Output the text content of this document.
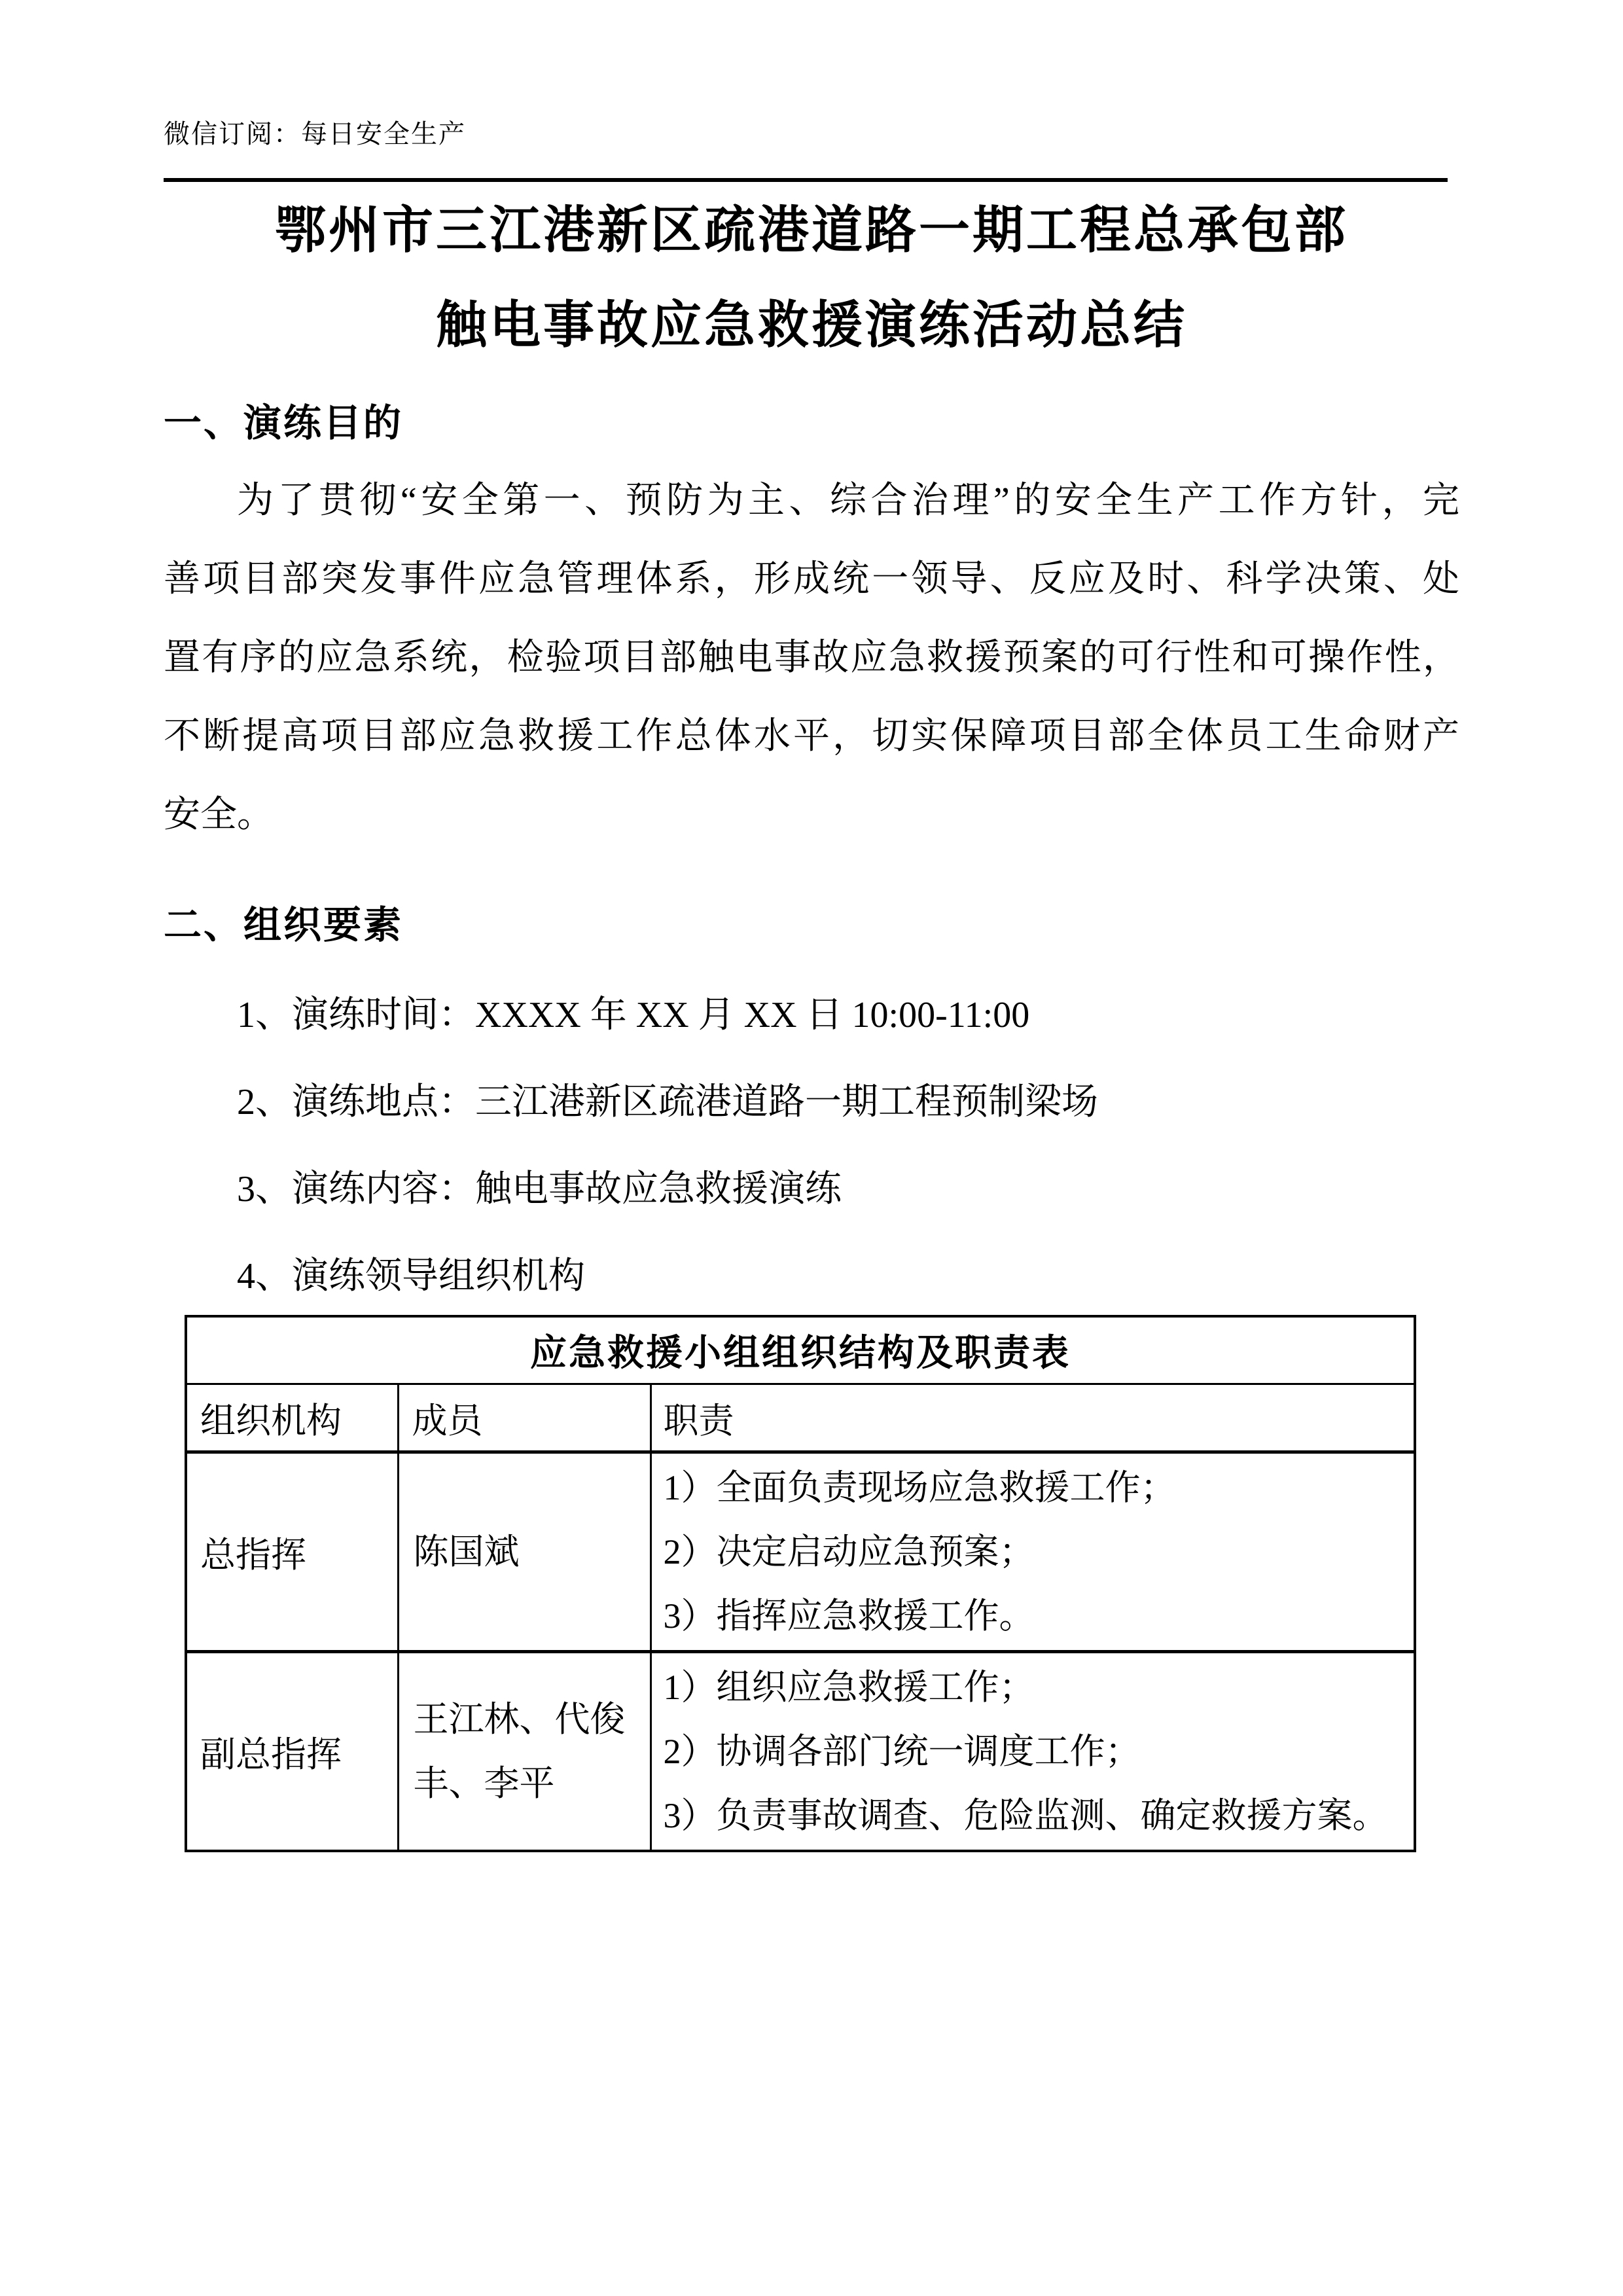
微信订阅：每日安全生产
鄂州市三江港新区疏港道路一期工程总承包部
触电事故应急救援演练活动总结
一、演练目的
为了贯彻“安全第一、预防为主、综合治理”的安全生产工作方针，完
善项目部突发事件应急管理体系，形成统一领导、反应及时、科学决策、处
置有序的应急系统，检验项目部触电事故应急救援预案的可行性和可操作性，
不断提高项目部应急救援工作总体水平，切实保障项目部全体员工生命财产
安全。
二、组织要素
1、演练时间：XXXX 年 XX 月 XX 日 10:00-11:00
2、演练地点：三江港新区疏港道路一期工程预制梁场
3、演练内容：触电事故应急救援演练
4、演练领导组织机构
应急救援小组组织结构及职责表		
组织机构	成员	职责
总指挥	陈国斌	1）全面负责现场应急救援工作；
2）决定启动应急预案；
3）指挥应急救援工作。

副总指挥	王江林、代俊丰、李平	1）组织应急救援工作；
2）协调各部门统一调度工作；
3）负责事故调查、危险监测、确定救援方案。
